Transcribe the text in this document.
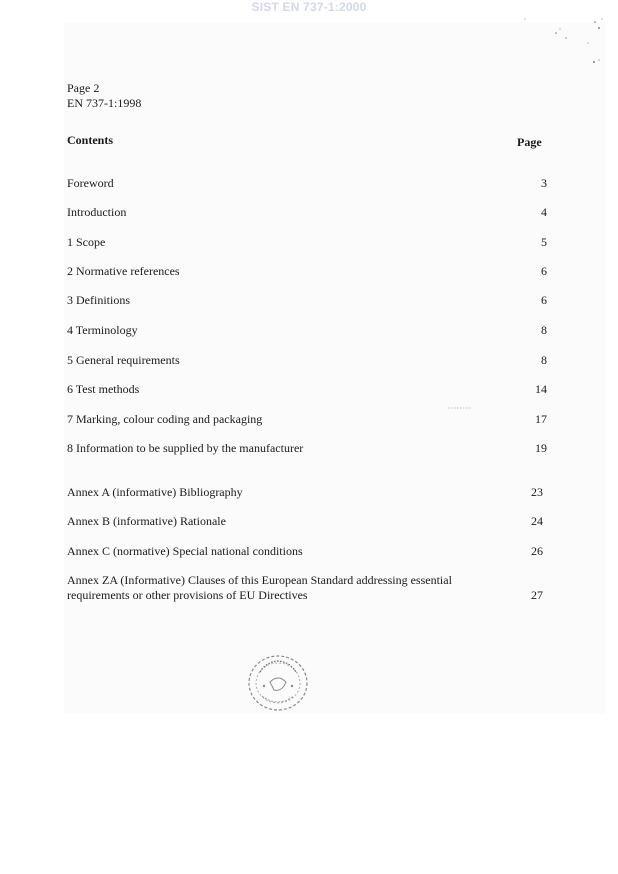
SIST EN 737-1:2000
Page 2
EN 737-1:1998
Contents	Page
Foreword	3
Introduction	4
1 Scope	5
2 Normative references	6
3 Definitions	6
4 Terminology	8
5 General requirements	8
6 Test methods	14
7 Marking, colour coding and packaging	17
8 Information to be supplied by the manufacturer	19
Annex A (informative) Bibliography	23
Annex B (informative) Rationale	24
Annex C (normative) Special national conditions	26
Annex ZA (Informative) Clauses of this European Standard addressing essential
requirements or other provisions of EU Directives	27
